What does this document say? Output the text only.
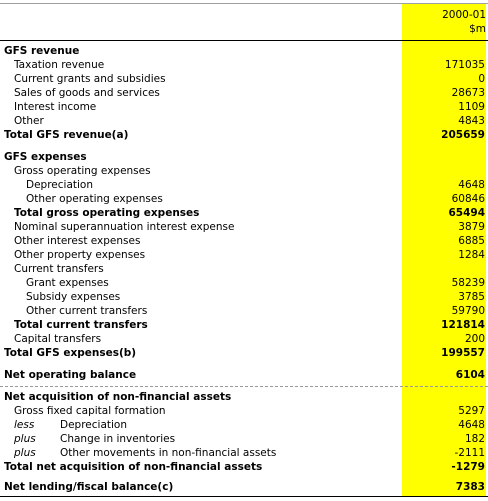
2000-01
$m
GFS revenue
Taxation revenue	171035
Current grants and subsidies	0
Sales of goods and services	28673
Interest income	1109
Other	4843
Total GFS revenue(a)	205659
GFS expenses
Gross operating expenses
Depreciation	4648
Other operating expenses	60846
Total gross operating expenses	65494
Nominal superannuation interest expense	3879
Other interest expenses	6885
Other property expenses	1284
Current transfers
Grant expenses	58239
Subsidy expenses	3785
Other current transfers	59790
Total current transfers	121814
Capital transfers	200
Total GFS expenses(b)	199557
Net operating balance	6104
Net acquisition of non-financial assets
Gross fixed capital formation	5297
less Depreciation	4648
plus Change in inventories	182
plus Other movements in non-financial assets	-2111
Total net acquisition of non-financial assets	-1279
Net lending/fiscal balance(c)	7383
